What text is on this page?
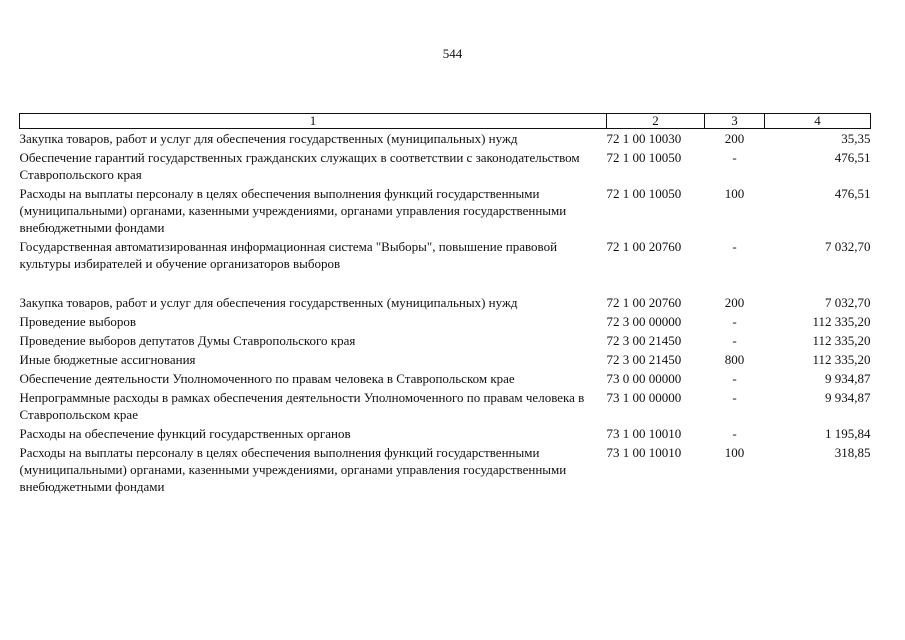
544
1	2	3	4
Закупка товаров, работ и услуг для обеспечения государственных (муниципальных) нужд	72 1 00 10030	200	35,35
Обеспечение гарантий государственных гражданских служащих в соответствии с законодательством Ставропольского края	72 1 00 10050	-	476,51
Расходы на выплаты персоналу в целях обеспечения выполнения функций государственными (муниципальными) органами, казенными учреждениями, органами управления государственными внебюджетными фондами	72 1 00 10050	100	476,51
Государственная автоматизированная информационная система "Выборы", повышение правовой культуры избирателей и обучение организаторов выборов	72 1 00 20760	-	7 032,70

Закупка товаров, работ и услуг для обеспечения государственных (муниципальных) нужд	72 1 00 20760	200	7 032,70
Проведение выборов	72 3 00 00000	-	112 335,20
Проведение выборов депутатов Думы Ставропольского края	72 3 00 21450	-	112 335,20
Иные бюджетные ассигнования	72 3 00 21450	800	112 335,20
Обеспечение деятельности Уполномоченного по правам человека в Ставропольском крае	73 0 00 00000	-	9 934,87
Непрограммные расходы в рамках обеспечения деятельности Уполномоченного по правам человека в Ставропольском крае	73 1 00 00000	-	9 934,87
Расходы на обеспечение функций государственных органов	73 1 00 10010	-	1 195,84
Расходы на выплаты персоналу в целях обеспечения выполнения функций государственными (муниципальными) органами, казенными учреждениями, органами управления государственными внебюджетными фондами	73 1 00 10010	100	318,85
